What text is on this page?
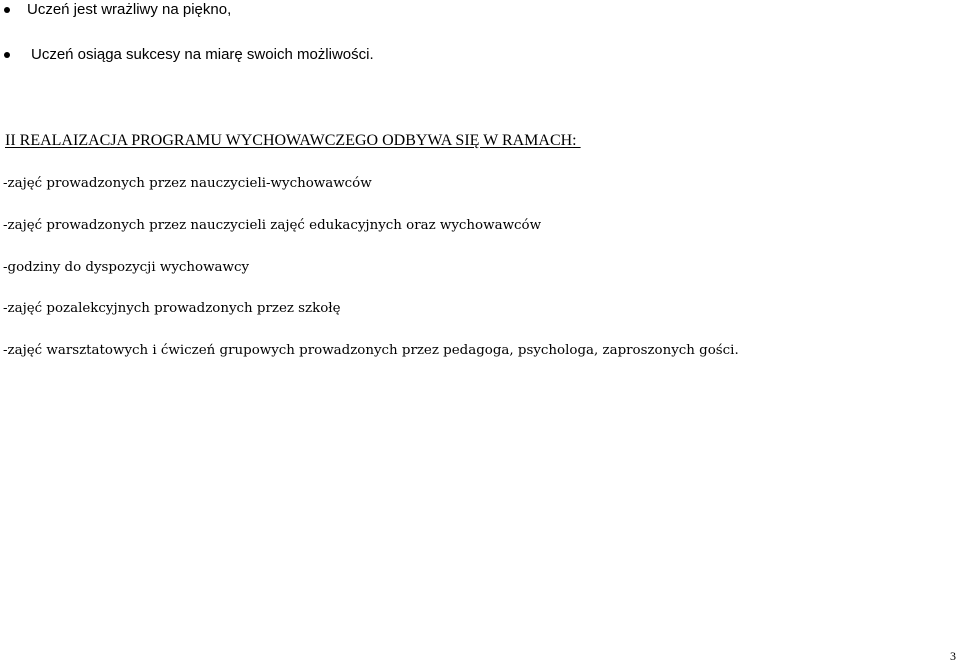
Uczeń jest wrażliwy na piękno,
Uczeń osiąga sukcesy na miarę swoich możliwości.
II REALAIZACJA PROGRAMU WYCHOWAWCZEGO ODBYWA SIĘ W RAMACH:
-zajęć prowadzonych przez nauczycieli-wychowawców
-zajęć prowadzonych przez nauczycieli zajęć edukacyjnych oraz wychowawców
-godziny do dyspozycji wychowawcy
-zajęć pozalekcyjnych prowadzonych przez szkołę
-zajęć warsztatowych i ćwiczeń grupowych prowadzonych przez pedagoga, psychologa, zaproszonych gości.
3
